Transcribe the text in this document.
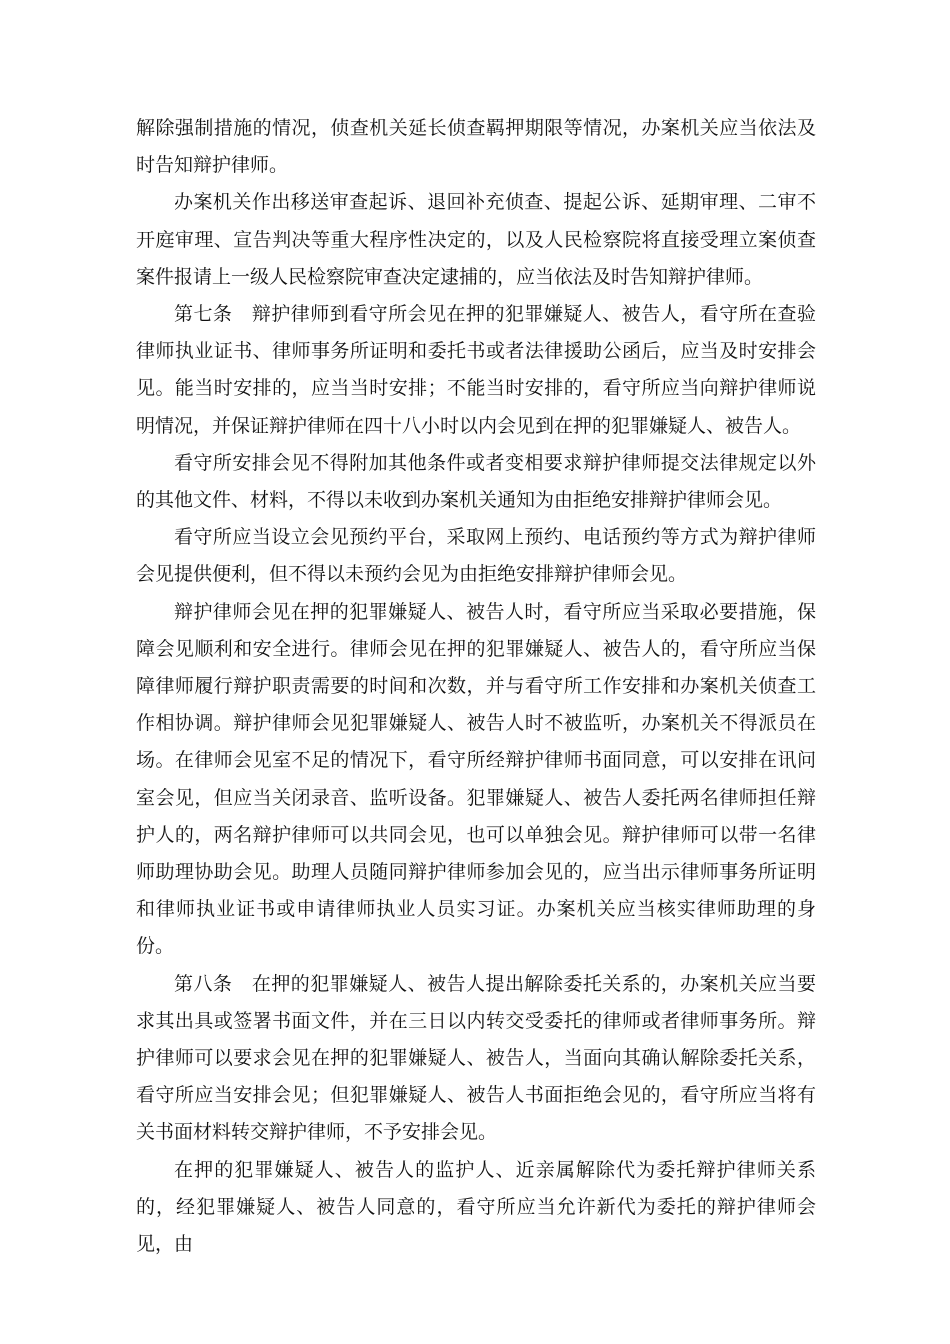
解除强制措施的情况，侦查机关延长侦查羁押期限等情况，办案机关应当依法及时告知辩护律师。

办案机关作出移送审查起诉、退回补充侦查、提起公诉、延期审理、二审不开庭审理、宣告判决等重大程序性决定的，以及人民检察院将直接受理立案侦查案件报请上一级人民检察院审查决定逮捕的，应当依法及时告知辩护律师。

第七条　辩护律师到看守所会见在押的犯罪嫌疑人、被告人，看守所在查验律师执业证书、律师事务所证明和委托书或者法律援助公函后，应当及时安排会见。能当时安排的，应当当时安排；不能当时安排的，看守所应当向辩护律师说明情况，并保证辩护律师在四十八小时以内会见到在押的犯罪嫌疑人、被告人。

看守所安排会见不得附加其他条件或者变相要求辩护律师提交法律规定以外的其他文件、材料，不得以未收到办案机关通知为由拒绝安排辩护律师会见。

看守所应当设立会见预约平台，采取网上预约、电话预约等方式为辩护律师会见提供便利，但不得以未预约会见为由拒绝安排辩护律师会见。

辩护律师会见在押的犯罪嫌疑人、被告人时，看守所应当采取必要措施，保障会见顺利和安全进行。律师会见在押的犯罪嫌疑人、被告人的，看守所应当保障律师履行辩护职责需要的时间和次数，并与看守所工作安排和办案机关侦查工作相协调。辩护律师会见犯罪嫌疑人、被告人时不被监听，办案机关不得派员在场。在律师会见室不足的情况下，看守所经辩护律师书面同意，可以安排在讯问室会见，但应当关闭录音、监听设备。犯罪嫌疑人、被告人委托两名律师担任辩护人的，两名辩护律师可以共同会见，也可以单独会见。辩护律师可以带一名律师助理协助会见。助理人员随同辩护律师参加会见的，应当出示律师事务所证明和律师执业证书或申请律师执业人员实习证。办案机关应当核实律师助理的身份。

第八条　在押的犯罪嫌疑人、被告人提出解除委托关系的，办案机关应当要求其出具或签署书面文件，并在三日以内转交受委托的律师或者律师事务所。辩护律师可以要求会见在押的犯罪嫌疑人、被告人，当面向其确认解除委托关系，看守所应当安排会见；但犯罪嫌疑人、被告人书面拒绝会见的，看守所应当将有关书面材料转交辩护律师，不予安排会见。

在押的犯罪嫌疑人、被告人的监护人、近亲属解除代为委托辩护律师关系的，经犯罪嫌疑人、被告人同意的，看守所应当允许新代为委托的辩护律师会见，由
